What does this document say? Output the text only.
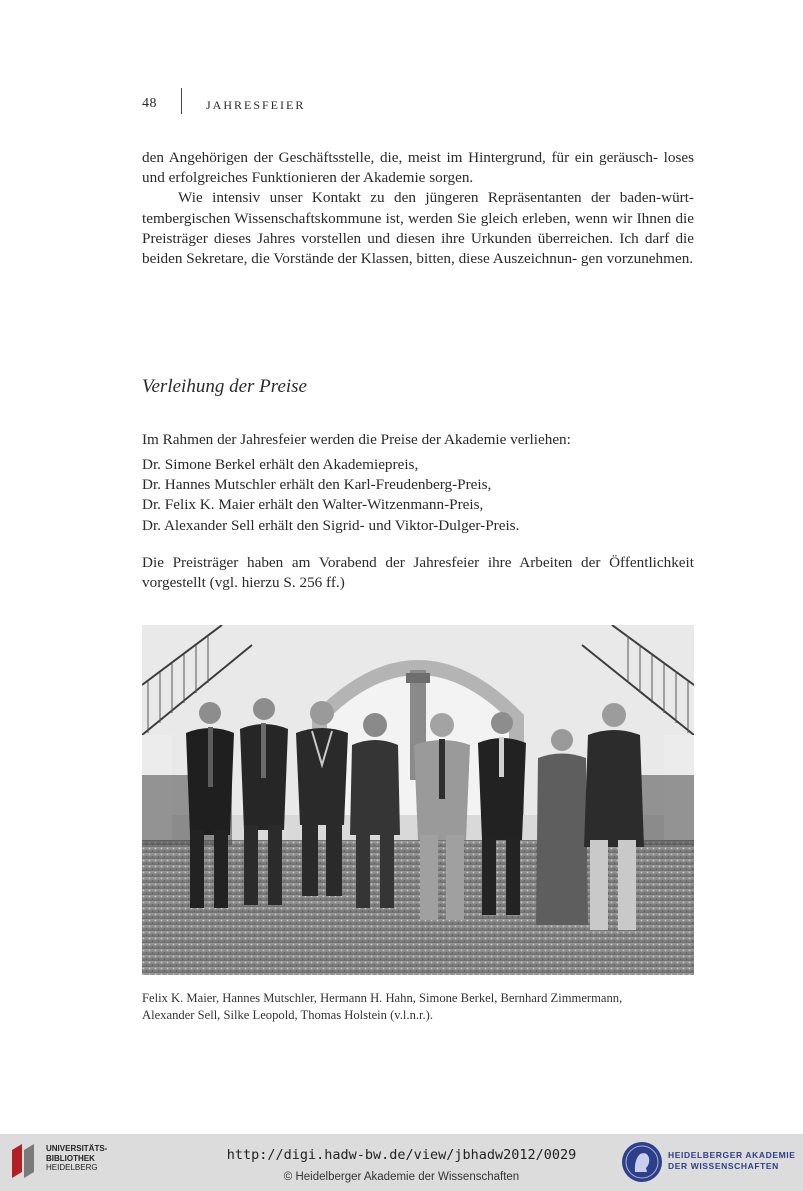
48	JAHRESFEIER

den Angehörigen der Geschäftsstelle, die, meist im Hintergrund, für ein geräusch- loses und erfolgreiches Funktionieren der Akademie sorgen.

Wie intensiv unser Kontakt zu den jüngeren Repräsentanten der baden-würt- tembergischen Wissenschaftskommune ist, werden Sie gleich erleben, wenn wir Ihnen die Preisträger dieses Jahres vorstellen und diesen ihre Urkunden überreichen. Ich darf die beiden Sekretare, die Vorstände der Klassen, bitten, diese Auszeichnun- gen vorzunehmen.

Verleihung der Preise
Im Rahmen der Jahresfeier werden die Preise der Akademie verliehen:
Dr. Simone Berkel erhält den Akademiepreis,
Dr. Hannes Mutschler erhält den Karl-Freudenberg-Preis,
Dr. Felix K. Maier erhält den Walter-Witzenmann-Preis,
Dr. Alexander Sell erhält den Sigrid- und Viktor-Dulger-Preis.
Die Preisträger haben am Vorabend der Jahresfeier ihre Arbeiten der Öffentlichkeit vorgestellt (vgl. hierzu S. 256 ff.)
Felix K. Maier, Hannes Mutschler, Hermann H. Hahn, Simone Berkel, Bernhard Zimmermann,
Alexander Sell, Silke Leopold, Thomas Holstein (v.l.n.r.).
UNIVERSITÄTS-
BIBLIOTHEK
HEIDELBERG
http://digi.hadw-bw.de/view/jbhadw2012/0029
© Heidelberger Akademie der Wissenschaften
HEIDELBERGER AKADEMIE
DER WISSENSCHAFTEN
